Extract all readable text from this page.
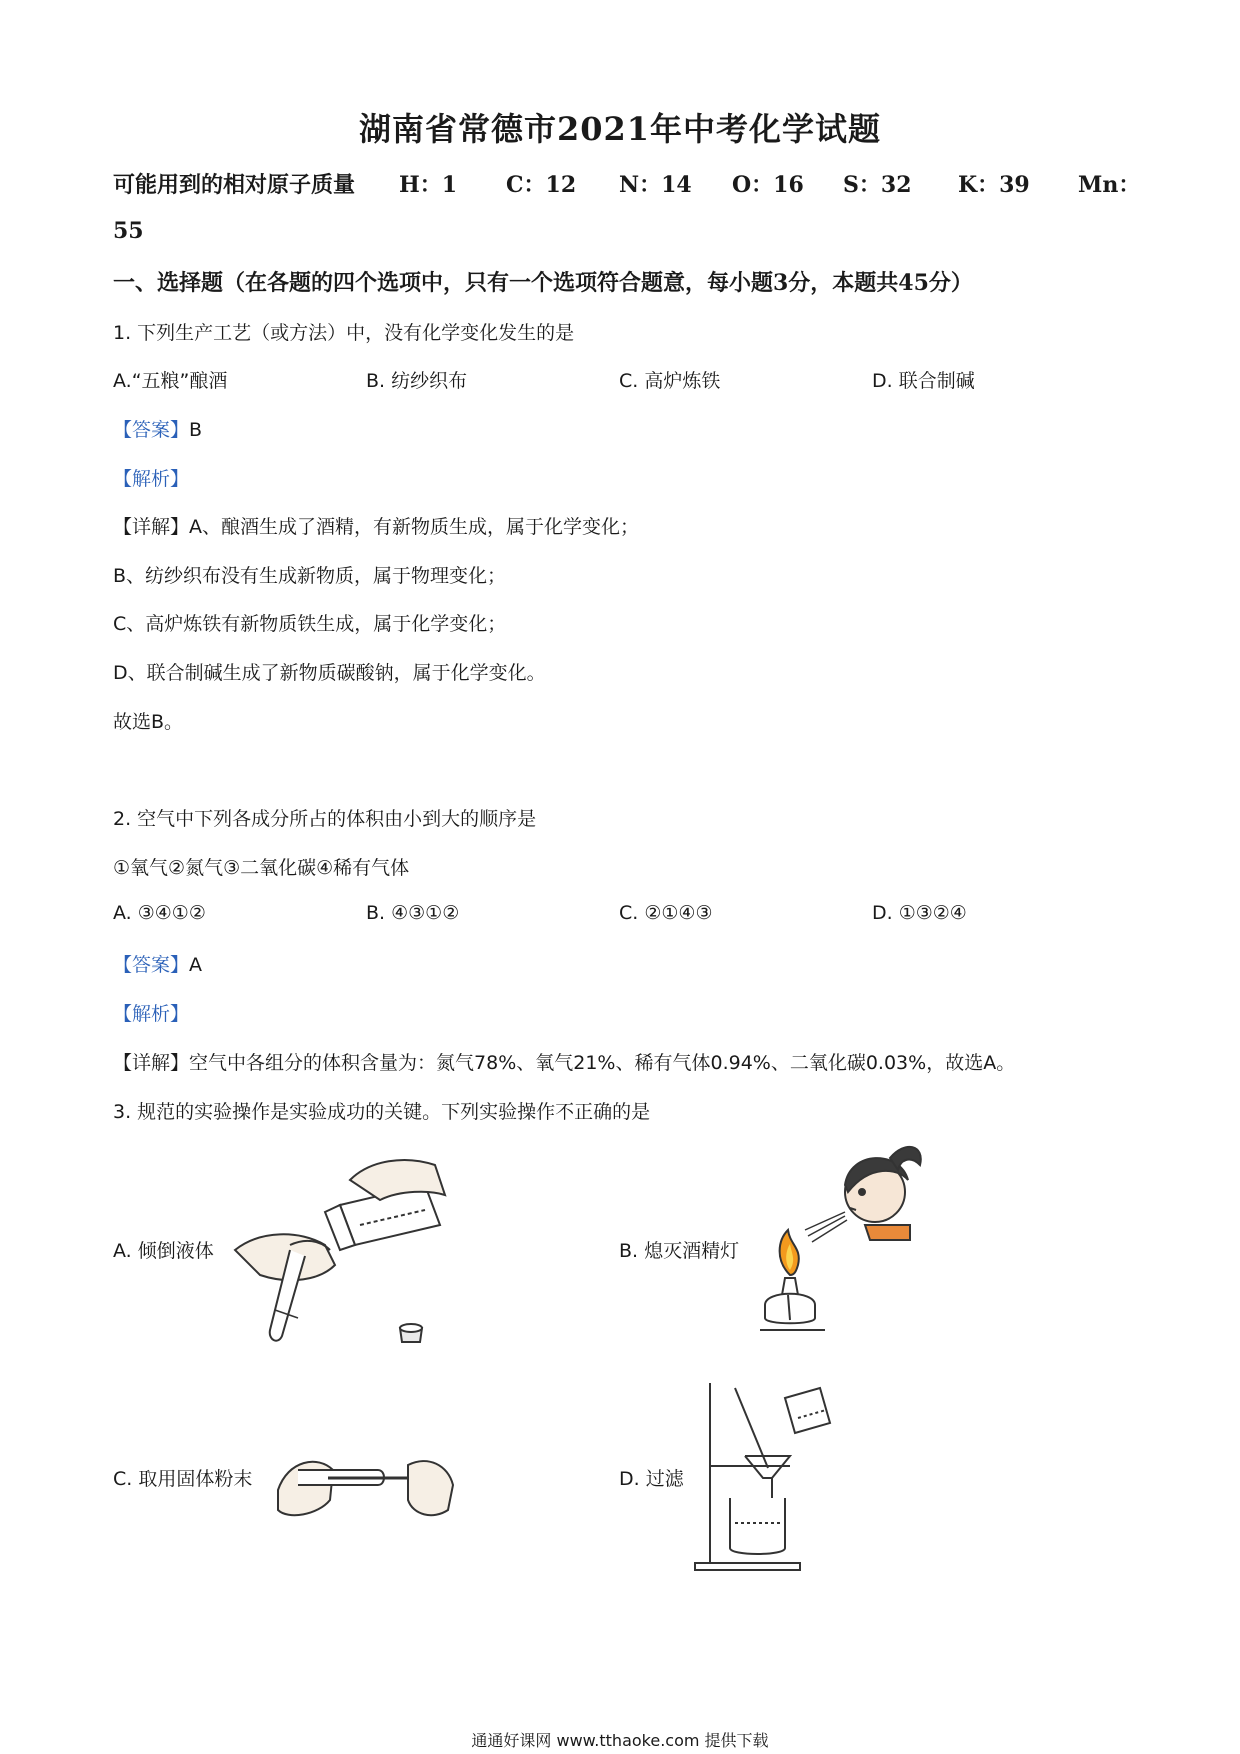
湖南省常德市2021年中考化学试题
可能用到的相对原子质量 H：1 C：12 N：14 O：16 S：32 K：39 Mn：
55
一、选择题（在各题的四个选项中，只有一个选项符合题意，每小题3分，本题共45分）
1. 下列生产工艺（或方法）中，没有化学变化发生的是
A.“五粮”酿酒	B. 纺纱织布	C. 高炉炼铁	D. 联合制碱
【答案】B
【解析】
【详解】A、酿酒生成了酒精，有新物质生成，属于化学变化；
B、纺纱织布没有生成新物质，属于物理变化；
C、高炉炼铁有新物质铁生成，属于化学变化；
D、联合制碱生成了新物质碳酸钠，属于化学变化。
故选B。
2. 空气中下列各成分所占的体积由小到大的顺序是
①氧气②氮气③二氧化碳④稀有气体
A. ③④①②	B. ④③①②	C. ②①④③	D. ①③②④
【答案】A
【解析】
【详解】空气中各组分的体积含量为：氮气78%、氧气21%、稀有气体0.94%、二氧化碳0.03%，故选A。
3. 规范的实验操作是实验成功的关键。下列实验操作不正确的是
A. 倾倒液体	B. 熄灭酒精灯
C. 取用固体粉末	D. 过滤
通通好课网 www.tthaoke.com 提供下载
